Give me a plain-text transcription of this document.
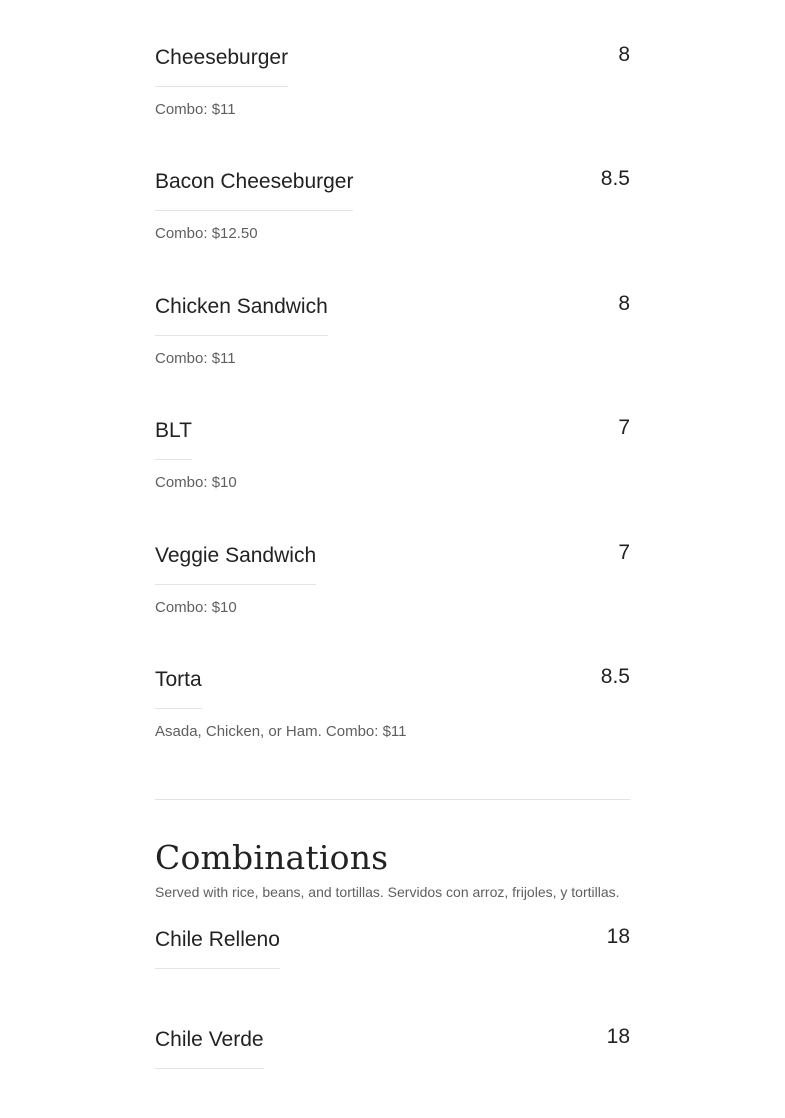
Cheeseburger	8
Combo: $11
Bacon Cheeseburger	8.5
Combo: $12.50
Chicken Sandwich	8
Combo: $11
BLT	7
Combo: $10
Veggie Sandwich	7
Combo: $10
Torta	8.5
Asada, Chicken, or Ham. Combo: $11
Combinations
Served with rice, beans, and tortillas. Servidos con arroz, frijoles, y tortillas.
Chile Relleno	18
Chile Verde	18
